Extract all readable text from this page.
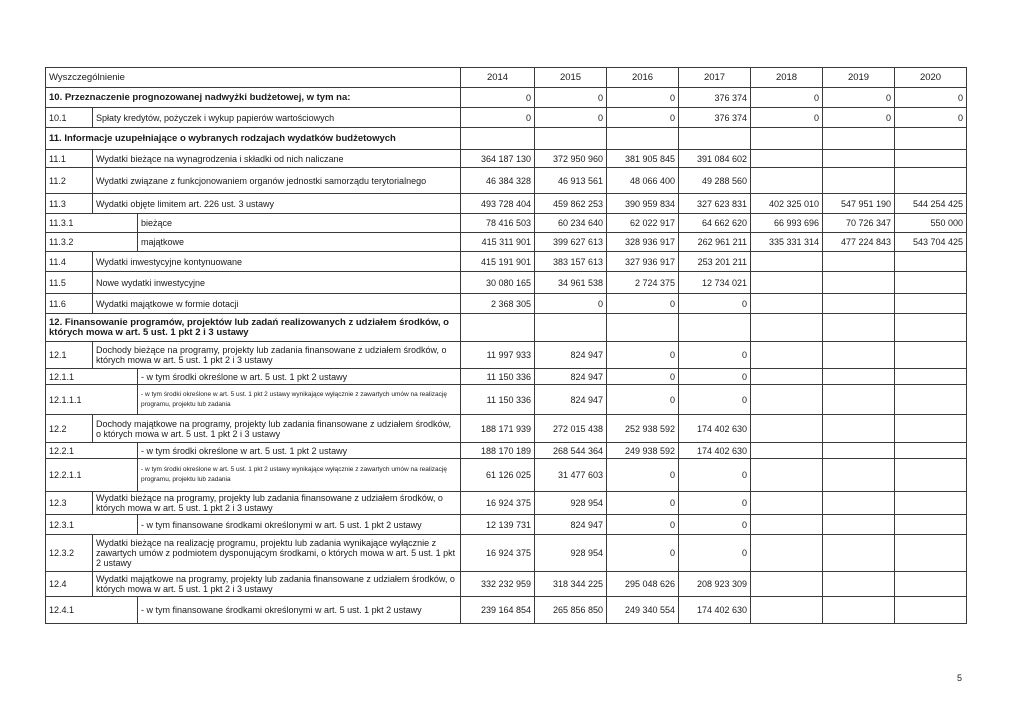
Wyszczególnienie			2014	2015	2016	2017	2018	2019	2020
10. Przeznaczenie prognozowanej nadwyżki budżetowej, w tym na:			0	0	0	376 374	0	0	0
10.1	Spłaty kredytów, pożyczek i wykup papierów wartościowych		0	0	0	376 374	0	0	0
11. Informacje uzupełniające o wybranych rodzajach wydatków budżetowych									
11.1	Wydatki bieżące na wynagrodzenia i składki od nich naliczane		364 187 130	372 950 960	381 905 845	391 084 602			
11.2	Wydatki związane z funkcjonowaniem organów jednostki samorządu terytorialnego		46 384 328	46 913 561	48 066 400	49 288 560			
11.3	Wydatki objęte limitem art. 226 ust. 3 ustawy		493 728 404	459 862 253	390 959 834	327 623 831	402 325 010	547 951 190	544 254 425
11.3.1		bieżące	78 416 503	60 234 640	62 022 917	64 662 620	66 993 696	70 726 347	550 000
11.3.2		majątkowe	415 311 901	399 627 613	328 936 917	262 961 211	335 331 314	477 224 843	543 704 425
11.4	Wydatki inwestycyjne kontynuowane		415 191 901	383 157 613	327 936 917	253 201 211			
11.5	Nowe wydatki inwestycyjne		30 080 165	34 961 538	2 724 375	12 734 021			
11.6	Wydatki majątkowe w formie dotacji		2 368 305	0	0	0			
12. Finansowanie programów, projektów lub zadań realizowanych z udziałem środków, o których mowa w art. 5 ust. 1 pkt 2 i 3 ustawy									
12.1	Dochody bieżące na programy, projekty lub zadania finansowane z udziałem środków, o których mowa w art. 5 ust. 1 pkt 2 i 3 ustawy		11 997 933	824 947	0	0			
12.1.1		- w tym środki określone w art. 5 ust. 1 pkt 2 ustawy	11 150 336	824 947	0	0			
12.1.1.1		- w tym środki określone w art. 5 ust. 1 pkt 2 ustawy wynikające wyłącznie z zawartych umów na realizację programu, projektu lub zadania	11 150 336	824 947	0	0			
12.2	Dochody majątkowe na programy, projekty lub zadania finansowane z udziałem środków, o których mowa w art. 5 ust. 1 pkt 2 i 3 ustawy		188 171 939	272 015 438	252 938 592	174 402 630			
12.2.1		- w tym środki określone w art. 5 ust. 1 pkt 2 ustawy	188 170 189	268 544 364	249 938 592	174 402 630			
12.2.1.1		- w tym środki określone w art. 5 ust. 1 pkt 2 ustawy wynikające wyłącznie z zawartych umów na realizację programu, projektu lub zadania	61 126 025	31 477 603	0	0			
12.3	Wydatki bieżące na programy, projekty lub zadania finansowane z udziałem środków, o których mowa w art. 5 ust. 1 pkt 2 i 3 ustawy		16 924 375	928 954	0	0			
12.3.1		- w tym finansowane środkami określonymi w art. 5 ust. 1 pkt 2 ustawy	12 139 731	824 947	0	0			
12.3.2	Wydatki bieżące na realizację programu, projektu lub zadania wynikające wyłącznie z zawartych umów z podmiotem dysponującym środkami, o których mowa w art. 5 ust. 1 pkt 2 ustawy		16 924 375	928 954	0	0			
12.4	Wydatki majątkowe na programy, projekty lub zadania finansowane z udziałem środków, o których mowa w art. 5 ust. 1 pkt 2 i 3 ustawy		332 232 959	318 344 225	295 048 626	208 923 309			
12.4.1		- w tym finansowane środkami określonymi w art. 5 ust. 1 pkt 2 ustawy	239 164 854	265 856 850	249 340 554	174 402 630			
5
